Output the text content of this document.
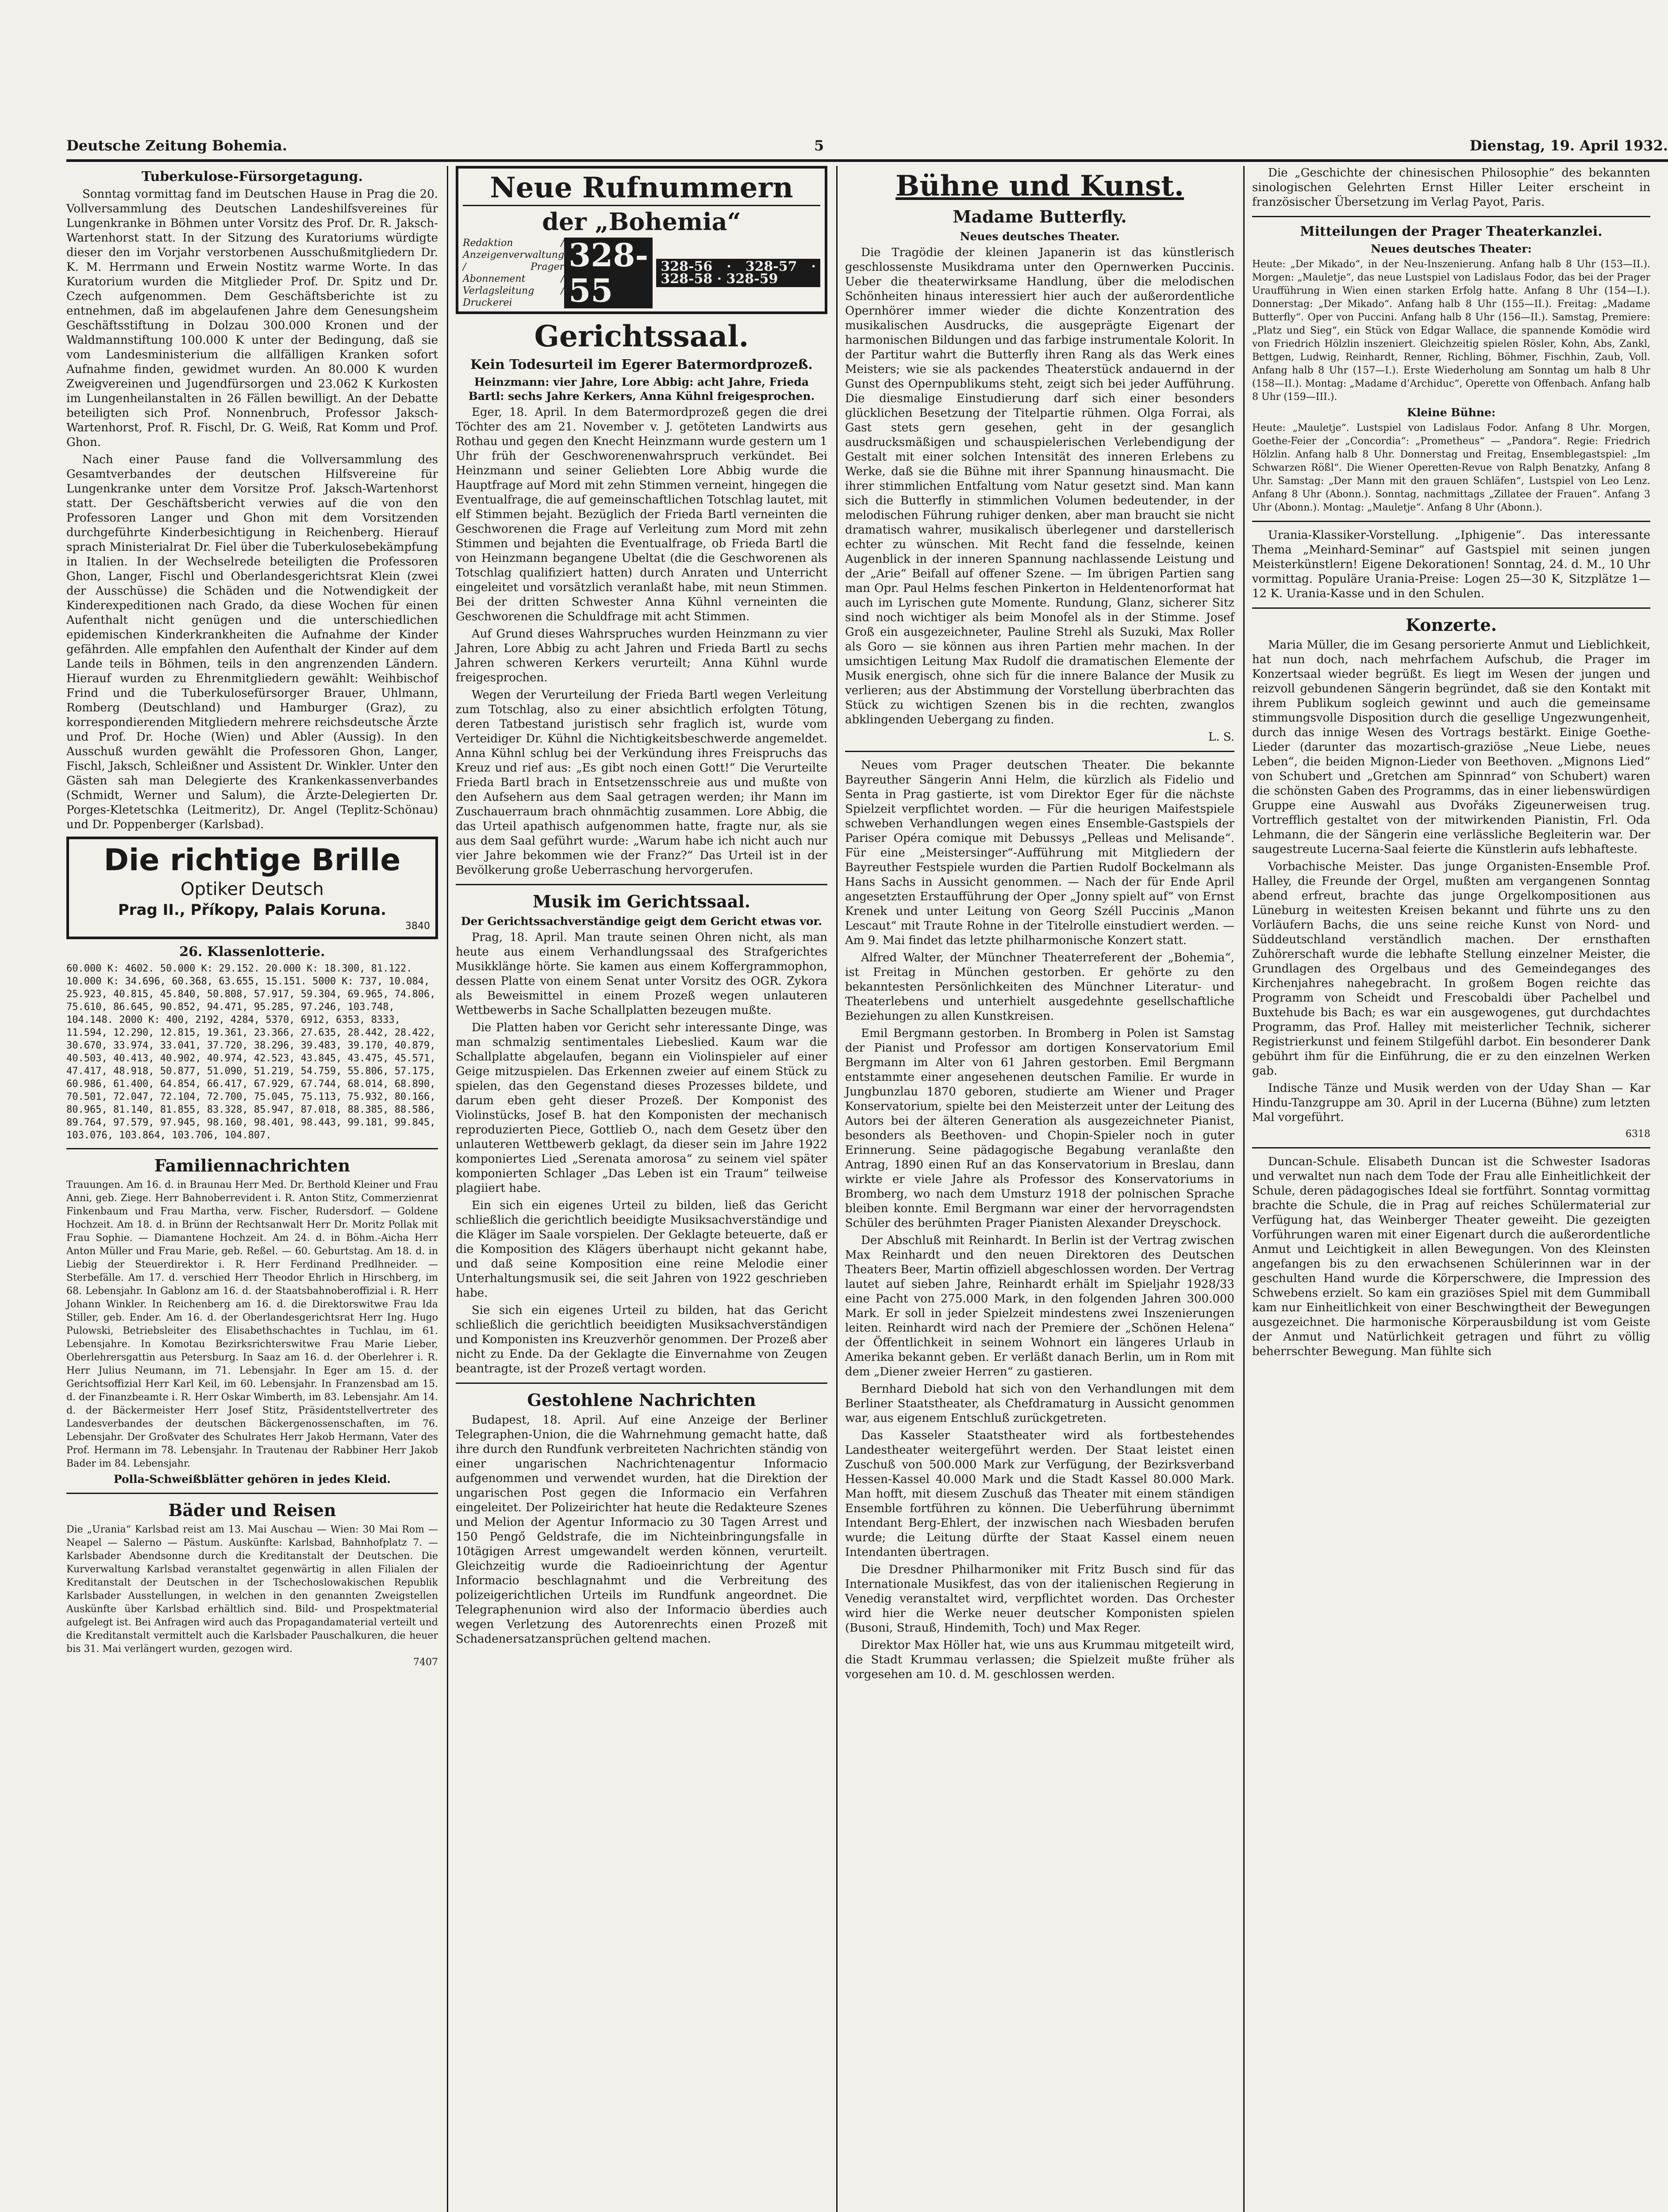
Deutsche Zeitung Bohemia.	5	Dienstag, 19. April 1932.
Tuberkulose-Fürsorgetagung.

Sonntag vormittag fand im Deutschen Hause in Prag die 20. Vollversammlung des Deutschen Landeshilfsvereines für Lungenkranke in Böhmen unter Vorsitz des Prof. Dr. R. Jaksch-Wartenhorst statt. In der Sitzung des Kuratoriums würdigte dieser den im Vorjahr verstorbenen Ausschußmitgliedern Dr. K. M. Herrmann und Erwein Nostitz warme Worte. In das Kuratorium wurden die Mitglieder Prof. Dr. Spitz und Dr. Czech aufgenommen. Dem Geschäftsberichte ist zu entnehmen, daß im abgelaufenen Jahre dem Genesungsheim Geschäftsstiftung in Dolzau 300.000 Kronen und der Waldmannstiftung 100.000 K unter der Bedingung, daß sie vom Landesministerium die allfälligen Kranken sofort Aufnahme finden, gewidmet wurden. An 80.000 K wurden Zweigvereinen und Jugendfürsorgen und 23.062 K Kurkosten im Lungenheilanstalten in 26 Fällen bewilligt. An der Debatte beteiligten sich Prof. Nonnenbruch, Professor Jaksch-Wartenhorst, Prof. R. Fischl, Dr. G. Weiß, Rat Komm und Prof. Ghon.

Nach einer Pause fand die Vollversammlung des Gesamtverbandes der deutschen Hilfsvereine für Lungenkranke unter dem Vorsitze Prof. Jaksch-Wartenhorst statt. Der Geschäftsbericht verwies auf die von den Professoren Langer und Ghon mit dem Vorsitzenden durchgeführte Kinderbesichtigung in Reichenberg. Hierauf sprach Ministerialrat Dr. Fiel über die Tuberkulosebekämpfung in Italien. In der Wechselrede beteiligten die Professoren Ghon, Langer, Fischl und Oberlandesgerichtsrat Klein (zwei der Ausschüsse) die Schäden und die Notwendigkeit der Kinderexpeditionen nach Grado, da diese Wochen für einen Aufenthalt nicht genügen und die unterschiedlichen epidemischen Kinderkrankheiten die Aufnahme der Kinder gefährden. Alle empfahlen den Aufenthalt der Kinder auf dem Lande teils in Böhmen, teils in den angrenzenden Ländern. Hierauf wurden zu Ehrenmitgliedern gewählt: Weihbischof Frind und die Tuberkulosefürsorger Brauer, Uhlmann, Romberg (Deutschland) und Hamburger (Graz), zu korrespondierenden Mitgliedern mehrere reichsdeutsche Ärzte und Prof. Dr. Hoche (Wien) und Abler (Aussig). In den Ausschuß wurden gewählt die Professoren Ghon, Langer, Fischl, Jaksch, Schleißner und Assistent Dr. Winkler. Unter den Gästen sah man Delegierte des Krankenkassenverbandes (Schmidt, Werner und Salum), die Ärzte-Delegierten Dr. Porges-Kletetschka (Leitmeritz), Dr. Angel (Teplitz-Schönau) und Dr. Poppenberger (Karlsbad).

Die richtige Brille
Optiker Deutsch
Prag II., Příkopy, Palais Koruna.
3840
26. Klassenlotterie.
60.000 K: 4602. 50.000 K: 29.152. 20.000 K: 18.300, 81.122. 10.000 K: 34.696, 60.368, 63.655, 15.151. 5000 K: 737, 10.084, 25.923, 40.815, 45.840, 50.808, 57.917, 59.304, 69.965, 74.806, 75.610, 86.645, 90.852, 94.471, 95.285, 97.246, 103.748, 104.148. 2000 K: 400, 2192, 4284, 5370, 6912, 6353, 8333, 11.594, 12.290, 12.815, 19.361, 23.366, 27.635, 28.442, 28.422, 30.670, 33.974, 33.041, 37.720, 38.296, 39.483, 39.170, 40.879, 40.503, 40.413, 40.902, 40.974, 42.523, 43.845, 43.475, 45.571, 47.417, 48.918, 50.877, 51.090, 51.219, 54.759, 55.806, 57.175, 60.986, 61.400, 64.854, 66.417, 67.929, 67.744, 68.014, 68.890, 70.501, 72.047, 72.104, 72.700, 75.045, 75.113, 75.932, 80.166, 80.965, 81.140, 81.855, 83.328, 85.947, 87.018, 88.385, 88.586, 89.764, 97.579, 97.945, 98.160, 98.401, 98.443, 99.181, 99.845, 103.076, 103.864, 103.706, 104.807.
Familiennachrichten
Trauungen. Am 16. d. in Braunau Herr Med. Dr. Berthold Kleiner und Frau Anni, geb. Ziege. Herr Bahnoberrevident i. R. Anton Stitz, Commerzienrat Finkenbaum und Frau Martha, verw. Fischer, Rudersdorf. — Goldene Hochzeit. Am 18. d. in Brünn der Rechtsanwalt Herr Dr. Moritz Pollak mit Frau Sophie. — Diamantene Hochzeit. Am 24. d. in Böhm.-Aicha Herr Anton Müller und Frau Marie, geb. Reßel. — 60. Geburtstag. Am 18. d. in Liebig der Steuerdirektor i. R. Herr Ferdinand Predlhneider. — Sterbefälle. Am 17. d. verschied Herr Theodor Ehrlich in Hirschberg, im 68. Lebensjahr. In Gablonz am 16. d. der Staatsbahnoberoffizial i. R. Herr Johann Winkler. In Reichenberg am 16. d. die Direktorswitwe Frau Ida Stiller, geb. Ender. Am 16. d. der Oberlandesgerichtsrat Herr Ing. Hugo Pulowski, Betriebsleiter des Elisabethschachtes in Tuchlau, im 61. Lebensjahre. In Komotau Bezirksrichterswitwe Frau Marie Lieber, Oberlehrersgattin aus Petersburg. In Saaz am 16. d. der Oberlehrer i. R. Herr Julius Neumann, im 71. Lebensjahr. In Eger am 15. d. der Gerichtsoffizial Herr Karl Keil, im 60. Lebensjahr. In Franzensbad am 15. d. der Finanzbeamte i. R. Herr Oskar Wimberth, im 83. Lebensjahr. Am 14. d. der Bäckermeister Herr Josef Stitz, Präsidentstellvertreter des Landesverbandes der deutschen Bäckergenossenschaften, im 76. Lebensjahr. Der Großvater des Schulrates Herr Jakob Hermann, Vater des Prof. Hermann im 78. Lebensjahr. In Trautenau der Rabbiner Herr Jakob Bader im 84. Lebensjahr.
Polla-Schweißblätter gehören in jedes Kleid.
Bäder und Reisen
Die „Urania“ Karlsbad reist am 13. Mai Auschau — Wien: 30 Mai Rom — Neapel — Salerno — Pästum. Auskünfte: Karlsbad, Bahnhofplatz 7. — Karlsbader Abendsonne durch die Kreditanstalt der Deutschen. Die Kurverwaltung Karlsbad veranstaltet gegenwärtig in allen Filialen der Kreditanstalt der Deutschen in der Tschechoslowakischen Republik Karlsbader Ausstellungen, in welchen in den genannten Zweigstellen Auskünfte über Karlsbad erhältlich sind. Bild- und Prospektmaterial aufgelegt ist. Bei Anfragen wird auch das Propagandamaterial verteilt und die Kreditanstalt vermittelt auch die Karlsbader Pauschalkuren, die heuer bis 31. Mai verlängert wurden, gezogen wird.
7407
Neue Rufnummern
der „Bohemia“
Redaktion / Anzeigenverwaltung / Prager Abonnement / Verlagsleitung / Druckerei
328-55
328-56 · 328-57 · 328-58 · 328-59
Gerichtssaal.
Kein Todesurteil im Egerer Batermordprozeß.
Heinzmann: vier Jahre, Lore Abbig: acht Jahre, Frieda Bartl: sechs Jahre Kerkers, Anna Kühnl freigesprochen.

Eger, 18. April. In dem Batermordprozeß gegen die drei Töchter des am 21. November v. J. getöteten Landwirts aus Rothau und gegen den Knecht Heinzmann wurde gestern um 1 Uhr früh der Geschworenenwahrspruch verkündet. Bei Heinzmann und seiner Geliebten Lore Abbig wurde die Hauptfrage auf Mord mit zehn Stimmen verneint, hingegen die Eventualfrage, die auf gemeinschaftlichen Totschlag lautet, mit elf Stimmen bejaht. Bezüglich der Frieda Bartl verneinten die Geschworenen die Frage auf Verleitung zum Mord mit zehn Stimmen und bejahten die Eventualfrage, ob Frieda Bartl die von Heinzmann begangene Ubeltat (die die Geschworenen als Totschlag qualifiziert hatten) durch Anraten und Unterricht eingeleitet und vorsätzlich veranlaßt habe, mit neun Stimmen. Bei der dritten Schwester Anna Kühnl verneinten die Geschworenen die Schuldfrage mit acht Stimmen.

Auf Grund dieses Wahrspruches wurden Heinzmann zu vier Jahren, Lore Abbig zu acht Jahren und Frieda Bartl zu sechs Jahren schweren Kerkers verurteilt; Anna Kühnl wurde freigesprochen.

Wegen der Verurteilung der Frieda Bartl wegen Verleitung zum Totschlag, also zu einer absichtlich erfolgten Tötung, deren Tatbestand juristisch sehr fraglich ist, wurde vom Verteidiger Dr. Kühnl die Nichtigkeitsbeschwerde angemeldet. Anna Kühnl schlug bei der Verkündung ihres Freispruchs das Kreuz und rief aus: „Es gibt noch einen Gott!“ Die Verurteilte Frieda Bartl brach in Entsetzensschreie aus und mußte von den Aufsehern aus dem Saal getragen werden; ihr Mann im Zuschauerraum brach ohnmächtig zusammen. Lore Abbig, die das Urteil apathisch aufgenommen hatte, fragte nur, als sie aus dem Saal geführt wurde: „Warum habe ich nicht auch nur vier Jahre bekommen wie der Franz?“ Das Urteil ist in der Bevölkerung große Ueberraschung hervorgerufen.

Musik im Gerichtssaal.
Der Gerichtssachverständige geigt dem Gericht etwas vor.

Prag, 18. April. Man traute seinen Ohren nicht, als man heute aus einem Verhandlungssaal des Strafgerichtes Musikklänge hörte. Sie kamen aus einem Koffergrammophon, dessen Platte von einem Senat unter Vorsitz des OGR. Zykora als Beweismittel in einem Prozeß wegen unlauteren Wettbewerbs in Sache Schallplatten bezeugen mußte.

Die Platten haben vor Gericht sehr interessante Dinge, was man schmalzig sentimentales Liebeslied. Kaum war die Schallplatte abgelaufen, begann ein Violinspieler auf einer Geige mitzuspielen. Das Erkennen zweier auf einem Stück zu spielen, das den Gegenstand dieses Prozesses bildete, und darum eben geht dieser Prozeß. Der Komponist des Violinstücks, Josef B. hat den Komponisten der mechanisch reproduzierten Piece, Gottlieb O., nach dem Gesetz über den unlauteren Wettbewerb geklagt, da dieser sein im Jahre 1922 komponiertes Lied „Serenata amorosa“ zu seinem viel später komponierten Schlager „Das Leben ist ein Traum“ teilweise plagiiert habe.

Ein sich ein eigenes Urteil zu bilden, ließ das Gericht schließlich die gerichtlich beeidigte Musiksachverständige und die Kläger im Saale vorspielen. Der Geklagte beteuerte, daß er die Komposition des Klägers überhaupt nicht gekannt habe, und daß seine Komposition eine reine Melodie einer Unterhaltungsmusik sei, die seit Jahren von 1922 geschrieben habe.

Sie sich ein eigenes Urteil zu bilden, hat das Gericht schließlich die gerichtlich beeidigten Musiksachverständigen und Komponisten ins Kreuzverhör genommen. Der Prozeß aber nicht zu Ende. Da der Geklagte die Einvernahme von Zeugen beantragte, ist der Prozeß vertagt worden.

Gestohlene Nachrichten

Budapest, 18. April. Auf eine Anzeige der Berliner Telegraphen-Union, die die Wahrnehmung gemacht hatte, daß ihre durch den Rundfunk verbreiteten Nachrichten ständig von einer ungarischen Nachrichtenagentur Informacio aufgenommen und verwendet wurden, hat die Direktion der ungarischen Post gegen die Informacio ein Verfahren eingeleitet. Der Polizeirichter hat heute die Redakteure Szenes und Melion der Agentur Informacio zu 30 Tagen Arrest und 150 Pengő Geldstrafe, die im Nichteinbringungsfalle in 10tägigen Arrest umgewandelt werden können, verurteilt. Gleichzeitig wurde die Radioeinrichtung der Agentur Informacio beschlagnahmt und die Verbreitung des polizeigerichtlichen Urteils im Rundfunk angeordnet. Die Telegraphenunion wird also der Informacio überdies auch wegen Verletzung des Autorenrechts einen Prozeß mit Schadenersatzansprüchen geltend machen.

Bühne und Kunst.
Madame Butterfly.
Neues deutsches Theater.

Die Tragödie der kleinen Japanerin ist das künstlerisch geschlossenste Musikdrama unter den Opernwerken Puccinis. Ueber die theaterwirksame Handlung, über die melodischen Schönheiten hinaus interessiert hier auch der außerordentliche Opernhörer immer wieder die dichte Konzentration des musikalischen Ausdrucks, die ausgeprägte Eigenart der harmonischen Bildungen und das farbige instrumentale Kolorit. In der Partitur wahrt die Butterfly ihren Rang als das Werk eines Meisters; wie sie als packendes Theaterstück andauernd in der Gunst des Opernpublikums steht, zeigt sich bei jeder Aufführung. Die diesmalige Einstudierung darf sich einer besonders glücklichen Besetzung der Titelpartie rühmen. Olga Forrai, als Gast stets gern gesehen, geht in der gesanglich ausdrucksmäßigen und schauspielerischen Verlebendigung der Gestalt mit einer solchen Intensität des inneren Erlebens zu Werke, daß sie die Bühne mit ihrer Spannung hinausmacht. Die ihrer stimmlichen Entfaltung vom Natur gesetzt sind. Man kann sich die Butterfly in stimmlichen Volumen bedeutender, in der melodischen Führung ruhiger denken, aber man braucht sie nicht dramatisch wahrer, musikalisch überlegener und darstellerisch echter zu wünschen. Mit Recht fand die fesselnde, keinen Augenblick in der inneren Spannung nachlassende Leistung und der „Arie“ Beifall auf offener Szene. — Im übrigen Partien sang man Opr. Paul Helms feschen Pinkerton in Heldentenorformat hat auch im Lyrischen gute Momente. Rundung, Glanz, sicherer Sitz sind noch wichtiger als beim Monofel als in der Stimme. Josef Groß ein ausgezeichneter, Pauline Strehl als Suzuki, Max Roller als Goro — sie können aus ihren Partien mehr machen. In der umsichtigen Leitung Max Rudolf die dramatischen Elemente der Musik energisch, ohne sich für die innere Balance der Musik zu verlieren; aus der Abstimmung der Vorstellung überbrachten das Stück zu wichtigen Szenen bis in die rechten, zwanglos abklingenden Uebergang zu finden.

L. S.

Neues vom Prager deutschen Theater. Die bekannte Bayreuther Sängerin Anni Helm, die kürzlich als Fidelio und Senta in Prag gastierte, ist vom Direktor Eger für die nächste Spielzeit verpflichtet worden. — Für die heurigen Maifestspiele schweben Verhandlungen wegen eines Ensemble-Gastspiels der Pariser Opéra comique mit Debussys „Pelleas und Melisande“. Für eine „Meistersinger“-Aufführung mit Mitgliedern der Bayreuther Festspiele wurden die Partien Rudolf Bockelmann als Hans Sachs in Aussicht genommen. — Nach der für Ende April angesetzten Erstaufführung der Oper „Jonny spielt auf“ von Ernst Krenek und unter Leitung von Georg Széll Puccinis „Manon Lescaut“ mit Traute Rohne in der Titelrolle einstudiert werden. — Am 9. Mai findet das letzte philharmonische Konzert statt.

Alfred Walter, der Münchner Theaterreferent der „Bohemia“, ist Freitag in München gestorben. Er gehörte zu den bekanntesten Persönlichkeiten des Münchner Literatur- und Theaterlebens und unterhielt ausgedehnte gesellschaftliche Beziehungen zu allen Kunstkreisen.

Emil Bergmann gestorben. In Bromberg in Polen ist Samstag der Pianist und Professor am dortigen Konservatorium Emil Bergmann im Alter von 61 Jahren gestorben. Emil Bergmann entstammte einer angesehenen deutschen Familie. Er wurde in Jungbunzlau 1870 geboren, studierte am Wiener und Prager Konservatorium, spielte bei den Meisterzeit unter der Leitung des Autors bei der älteren Generation als ausgezeichneter Pianist, besonders als Beethoven- und Chopin-Spieler noch in guter Erinnerung. Seine pädagogische Begabung veranlaßte den Antrag, 1890 einen Ruf an das Konservatorium in Breslau, dann wirkte er viele Jahre als Professor des Konservatoriums in Bromberg, wo nach dem Umsturz 1918 der polnischen Sprache bleiben konnte. Emil Bergmann war einer der hervorragendsten Schüler des berühmten Prager Pianisten Alexander Dreyschock.

Der Abschluß mit Reinhardt. In Berlin ist der Vertrag zwischen Max Reinhardt und den neuen Direktoren des Deutschen Theaters Beer, Martin offiziell abgeschlossen worden. Der Vertrag lautet auf sieben Jahre, Reinhardt erhält im Spieljahr 1928/33 eine Pacht von 275.000 Mark, in den folgenden Jahren 300.000 Mark. Er soll in jeder Spielzeit mindestens zwei Inszenierungen leiten. Reinhardt wird nach der Premiere der „Schönen Helena“ der Öffentlichkeit in seinem Wohnort ein längeres Urlaub in Amerika bekannt geben. Er verläßt danach Berlin, um in Rom mit dem „Diener zweier Herren“ zu gastieren.

Bernhard Diebold hat sich von den Verhandlungen mit dem Berliner Staatstheater, als Chefdramaturg in Aussicht genommen war, aus eigenem Entschluß zurückgetreten.

Das Kasseler Staatstheater wird als fortbestehendes Landestheater weitergeführt werden. Der Staat leistet einen Zuschuß von 500.000 Mark zur Verfügung, der Bezirksverband Hessen-Kassel 40.000 Mark und die Stadt Kassel 80.000 Mark. Man hofft, mit diesem Zuschuß das Theater mit einem ständigen Ensemble fortführen zu können. Die Ueberführung übernimmt Intendant Berg-Ehlert, der inzwischen nach Wiesbaden berufen wurde; die Leitung dürfte der Staat Kassel einem neuen Intendanten übertragen.

Die Dresdner Philharmoniker mit Fritz Busch sind für das Internationale Musikfest, das von der italienischen Regierung in Venedig veranstaltet wird, verpflichtet worden. Das Orchester wird hier die Werke neuer deutscher Komponisten spielen (Busoni, Strauß, Hindemith, Toch) und Max Reger.

Direktor Max Höller hat, wie uns aus Krummau mitgeteilt wird, die Stadt Krummau verlassen; die Spielzeit mußte früher als vorgesehen am 10. d. M. geschlossen werden.

Die „Geschichte der chinesischen Philosophie“ des bekannten sinologischen Gelehrten Ernst Hiller Leiter erscheint in französischer Übersetzung im Verlag Payot, Paris.

Mitteilungen der Prager Theaterkanzlei.
Neues deutsches Theater:
Heute: „Der Mikado“, in der Neu-Inszenierung. Anfang halb 8 Uhr (153—II.). Morgen: „Mauletje“, das neue Lustspiel von Ladislaus Fodor, das bei der Prager Uraufführung in Wien einen starken Erfolg hatte. Anfang 8 Uhr (154—I.). Donnerstag: „Der Mikado“. Anfang halb 8 Uhr (155—II.). Freitag: „Madame Butterfly“. Oper von Puccini. Anfang halb 8 Uhr (156—II.). Samstag, Premiere: „Platz und Sieg“, ein Stück von Edgar Wallace, die spannende Komödie wird von Friedrich Hölzlin inszeniert. Gleichzeitig spielen Rösler, Kohn, Abs, Zankl, Bettgen, Ludwig, Reinhardt, Renner, Richling, Böhmer, Fischhin, Zaub, Voll. Anfang halb 8 Uhr (157—I.). Erste Wiederholung am Sonntag um halb 8 Uhr (158—II.). Montag: „Madame d’Archiduc“, Operette von Offenbach. Anfang halb 8 Uhr (159—III.).
Kleine Bühne:
Heute: „Mauletje“. Lustspiel von Ladislaus Fodor. Anfang 8 Uhr. Morgen, Goethe-Feier der „Concordia“: „Prometheus“ — „Pandora“. Regie: Friedrich Hölzlin. Anfang halb 8 Uhr. Donnerstag und Freitag, Ensemblegastspiel: „Im Schwarzen Rößl“. Die Wiener Operetten-Revue von Ralph Benatzky, Anfang 8 Uhr. Samstag: „Der Mann mit den grauen Schläfen“, Lustspiel von Leo Lenz. Anfang 8 Uhr (Abonn.). Sonntag, nachmittags „Zillatee der Frauen“. Anfang 3 Uhr (Abonn.). Montag: „Mauletje“. Anfang 8 Uhr (Abonn.).

Urania-Klassiker-Vorstellung. „Iphigenie“. Das interessante Thema „Meinhard-Seminar“ auf Gastspiel mit seinen jungen Meisterkünstlern! Eigene Dekorationen! Sonntag, 24. d. M., 10 Uhr vormittag. Populäre Urania-Preise: Logen 25—30 K, Sitzplätze 1—12 K. Urania-Kasse und in den Schulen.

Konzerte.

Maria Müller, die im Gesang persorierte Anmut und Lieblichkeit, hat nun doch, nach mehrfachem Aufschub, die Prager im Konzertsaal wieder begrüßt. Es liegt im Wesen der jungen und reizvoll gebundenen Sängerin begründet, daß sie den Kontakt mit ihrem Publikum sogleich gewinnt und auch die gemeinsame stimmungsvolle Disposition durch die gesellige Ungezwungenheit, durch das innige Wesen des Vortrags bestärkt. Einige Goethe-Lieder (darunter das mozartisch-graziöse „Neue Liebe, neues Leben“, die beiden Mignon-Lieder von Beethoven. „Mignons Lied“ von Schubert und „Gretchen am Spinnrad“ von Schubert) waren die schönsten Gaben des Programms, das in einer liebenswürdigen Gruppe eine Auswahl aus Dvořáks Zigeunerweisen trug. Vortrefflich gestaltet von der mitwirkenden Pianistin, Frl. Oda Lehmann, die der Sängerin eine verlässliche Begleiterin war. Der saugestreute Lucerna-Saal feierte die Künstlerin aufs lebhafteste.

Vorbachische Meister. Das junge Organisten-Ensemble Prof. Halley, die Freunde der Orgel, mußten am vergangenen Sonntag abend erfreut, brachte das junge Orgelkompositionen aus Lüneburg in weitesten Kreisen bekannt und führte uns zu den Vorläufern Bachs, die uns seine reiche Kunst von Nord- und Süddeutschland verständlich machen. Der ernsthaften Zuhörerschaft wurde die lebhafte Stellung einzelner Meister, die Grundlagen des Orgelbaus und des Gemeindeganges des Kirchenjahres nahegebracht. In großem Bogen reichte das Programm von Scheidt und Frescobaldi über Pachelbel und Buxtehude bis Bach; es war ein ausgewogenes, gut durchdachtes Programm, das Prof. Halley mit meisterlicher Technik, sicherer Registrierkunst und feinem Stilgefühl darbot. Ein besonderer Dank gebührt ihm für die Einführung, die er zu den einzelnen Werken gab.

Indische Tänze und Musik werden von der Uday Shan — Kar Hindu-Tanzgruppe am 30. April in der Lucerna (Bühne) zum letzten Mal vorgeführt.

6318

Duncan-Schule. Elisabeth Duncan ist die Schwester Isadoras und verwaltet nun nach dem Tode der Frau alle Einheitlichkeit der Schule, deren pädagogisches Ideal sie fortführt. Sonntag vormittag brachte die Schule, die in Prag auf reiches Schülermaterial zur Verfügung hat, das Weinberger Theater geweiht. Die gezeigten Vorführungen waren mit einer Eigenart durch die außerordentliche Anmut und Leichtigkeit in allen Bewegungen. Von des Kleinsten angefangen bis zu den erwachsenen Schülerinnen war in der geschulten Hand wurde die Körperschwere, die Impression des Schwebens erzielt. So kam ein graziöses Spiel mit dem Gummiball kam nur Einheitlichkeit von einer Beschwingtheit der Bewegungen ausgezeichnet. Die harmonische Körperausbildung ist vom Geiste der Anmut und Natürlichkeit getragen und führt zu völlig beherrschter Bewegung. Man fühlte sich
